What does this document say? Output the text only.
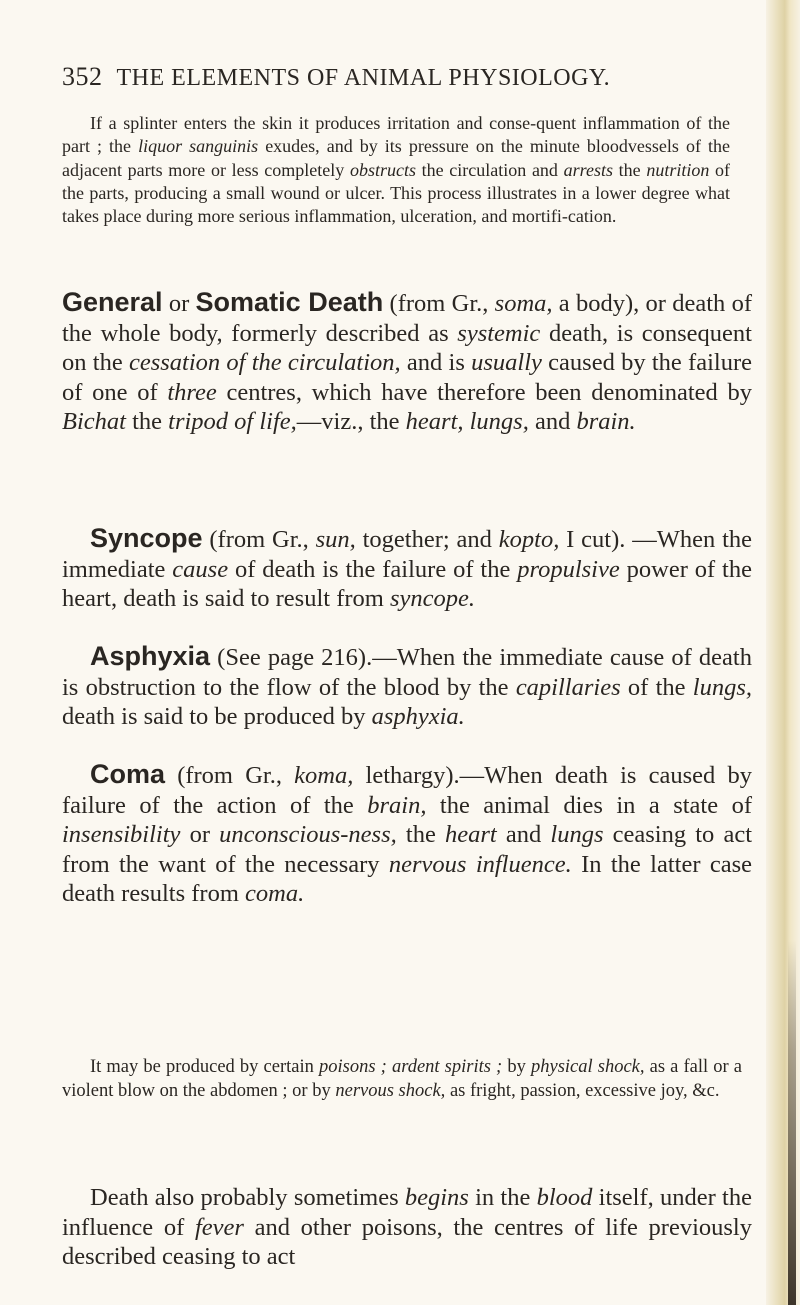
352 THE ELEMENTS OF ANIMAL PHYSIOLOGY.

If a splinter enters the skin it produces irritation and conse-quent inflammation of the part ; the liquor sanguinis exudes, and by its pressure on the minute bloodvessels of the adjacent parts more or less completely obstructs the circulation and arrests the nutrition of the parts, producing a small wound or ulcer. This process illustrates in a lower degree what takes place during more serious inflammation, ulceration, and mortifi-cation.

General or Somatic Death (from Gr., soma, a body), or death of the whole body, formerly described as systemic death, is consequent on the cessation of the circulation, and is usually caused by the failure of one of three centres, which have therefore been denominated by Bichat the tripod of life,—viz., the heart, lungs, and brain.

Syncope (from Gr., sun, together; and kopto, I cut). —When the immediate cause of death is the failure of the propulsive power of the heart, death is said to result from syncope.

Asphyxia (See page 216).—When the immediate cause of death is obstruction to the flow of the blood by the capillaries of the lungs, death is said to be produced by asphyxia.

Coma (from Gr., koma, lethargy).—When death is caused by failure of the action of the brain, the animal dies in a state of insensibility or unconscious-ness, the heart and lungs ceasing to act from the want of the necessary nervous influence. In the latter case death results from coma.

It may be produced by certain poisons ; ardent spirits ; by physical shock, as a fall or a violent blow on the abdomen ; or by nervous shock, as fright, passion, excessive joy, &c.

Death also probably sometimes begins in the blood itself, under the influence of fever and other poisons, the centres of life previously described ceasing to act
